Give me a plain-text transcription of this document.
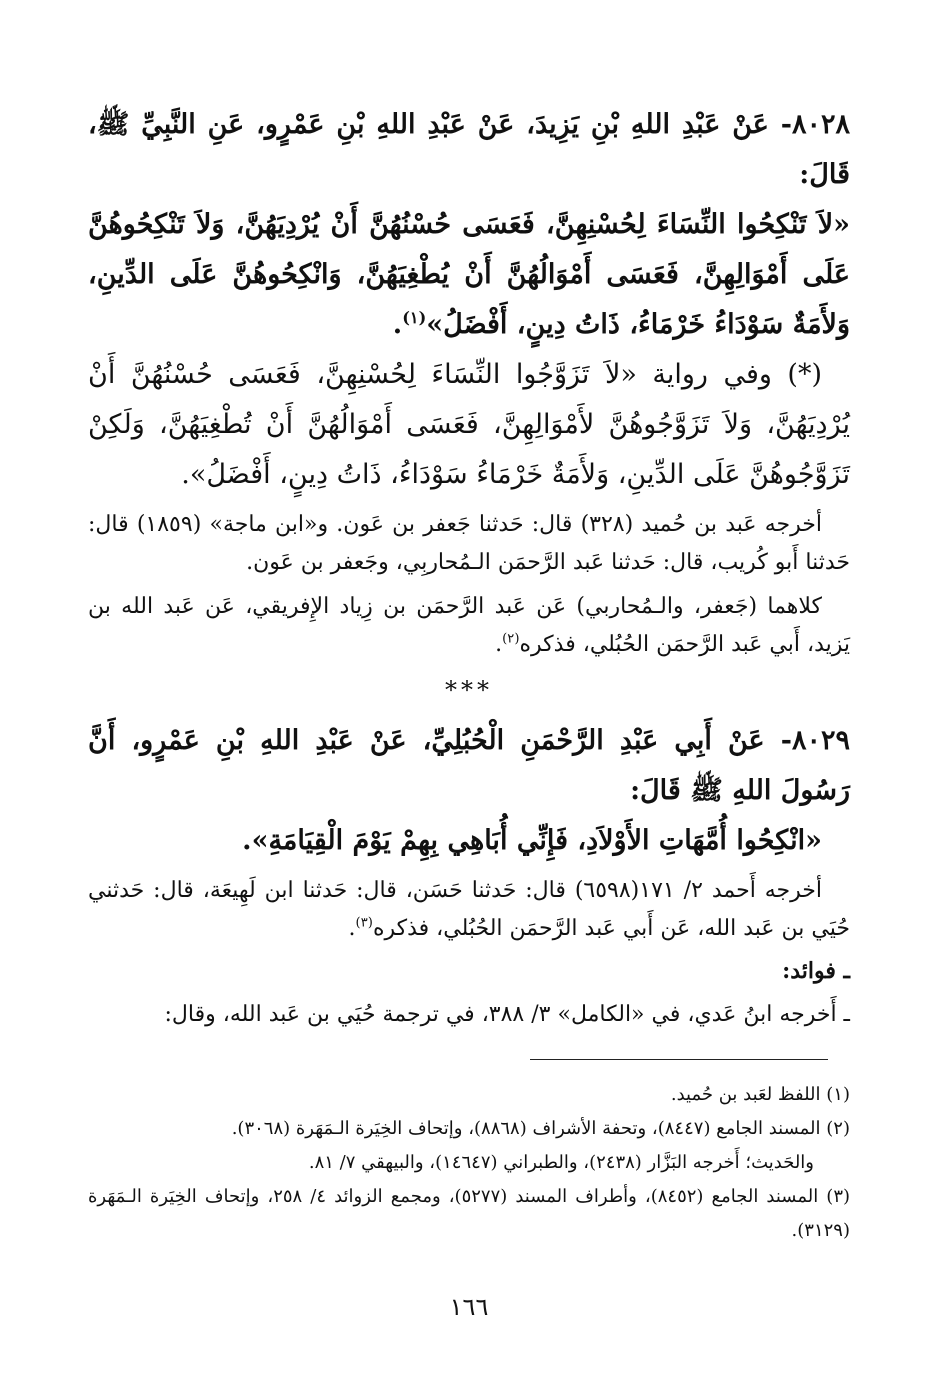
٨٠٢٨- عَنْ عَبْدِ اللهِ بْنِ يَزِيدَ، عَنْ عَبْدِ اللهِ بْنِ عَمْرٍو، عَنِ النَّبِيِّ ﷺ، قَالَ:

«لاَ تَنْكِحُوا النِّسَاءَ لِحُسْنِهِنَّ، فَعَسَى حُسْنُهُنَّ أَنْ يُرْدِيَهُنَّ، وَلاَ تَنْكِحُوهُنَّ عَلَى أَمْوَالِهِنَّ، فَعَسَى أَمْوَالُهُنَّ أَنْ يُطْغِيَهُنَّ، وَانْكِحُوهُنَّ عَلَى الدِّينِ، وَلأَمَةٌ سَوْدَاءُ خَرْمَاءُ، ذَاتُ دِينٍ، أَفْضَلُ»$^{(١)}$.

(*) وفي رواية «لاَ تَزَوَّجُوا النِّسَاءَ لِحُسْنِهِنَّ، فَعَسَى حُسْنُهُنَّ أَنْ يُرْدِيَهُنَّ، وَلاَ تَزَوَّجُوهُنَّ لأَمْوَالِهِنَّ، فَعَسَى أَمْوَالُهُنَّ أَنْ تُطْغِيَهُنَّ، وَلَكِنْ تَزَوَّجُوهُنَّ عَلَى الدِّينِ، وَلأَمَةٌ خَرْمَاءُ سَوْدَاءُ، ذَاتُ دِينٍ، أَفْضَلُ».

أخرجه عَبد بن حُميد (٣٢٨) قال: حَدثنا جَعفر بن عَون. و«ابن ماجة» (١٨٥٩) قال: حَدثنا أَبو كُريب، قال: حَدثنا عَبد الرَّحمَن الـمُحاربِي، وجَعفر بن عَون.

كلاهما (جَعفر، والـمُحاربي) عَن عَبد الرَّحمَن بن زِياد الإِفريقي، عَن عَبد الله بن يَزيد، أَبي عَبد الرَّحمَن الحُبُلي، فذكره$^{(٢)}$.

***

٨٠٢٩- عَنْ أَبِي عَبْدِ الرَّحْمَنِ الْحُبُلِيِّ، عَنْ عَبْدِ اللهِ بْنِ عَمْرٍو، أَنَّ رَسُولَ اللهِ ﷺ قَالَ:

«انْكِحُوا أُمَّهَاتِ الأَوْلاَدِ، فَإِنِّي أُبَاهِي بِهِمْ يَوْمَ الْقِيَامَةِ».

أخرجه أَحمد ٢/ ١٧١(٦٥٩٨) قال: حَدثنا حَسَن، قال: حَدثنا ابن لَهِيعَة، قال: حَدثني حُيَي بن عَبد الله، عَن أَبي عَبد الرَّحمَن الحُبُلي، فذكره$^{(٣)}$.

ـ فوائد:

ـ أَخرجه ابنُ عَدي، في «الكامل» ٣/ ٣٨٨، في ترجمة حُيَي بن عَبد الله، وقال:

(١) اللفظ لعَبد بن حُميد.

(٢) المسند الجامع (٨٤٤٧)، وتحفة الأشراف (٨٨٦٨)، وإتحاف الخِيَرة الـمَهَرة (٣٠٦٨).

والحَديث؛ أَخرجه البَزَّار (٢٤٣٨)، والطبراني (١٤٦٤٧)، والبيهقي ٧/ ٨١.

(٣) المسند الجامع (٨٤٥٢)، وأطراف المسند (٥٢٧٧)، ومجمع الزوائد ٤/ ٢٥٨، وإتحاف الخِيَرة الـمَهَرة (٣١٢٩).

١٦٦
